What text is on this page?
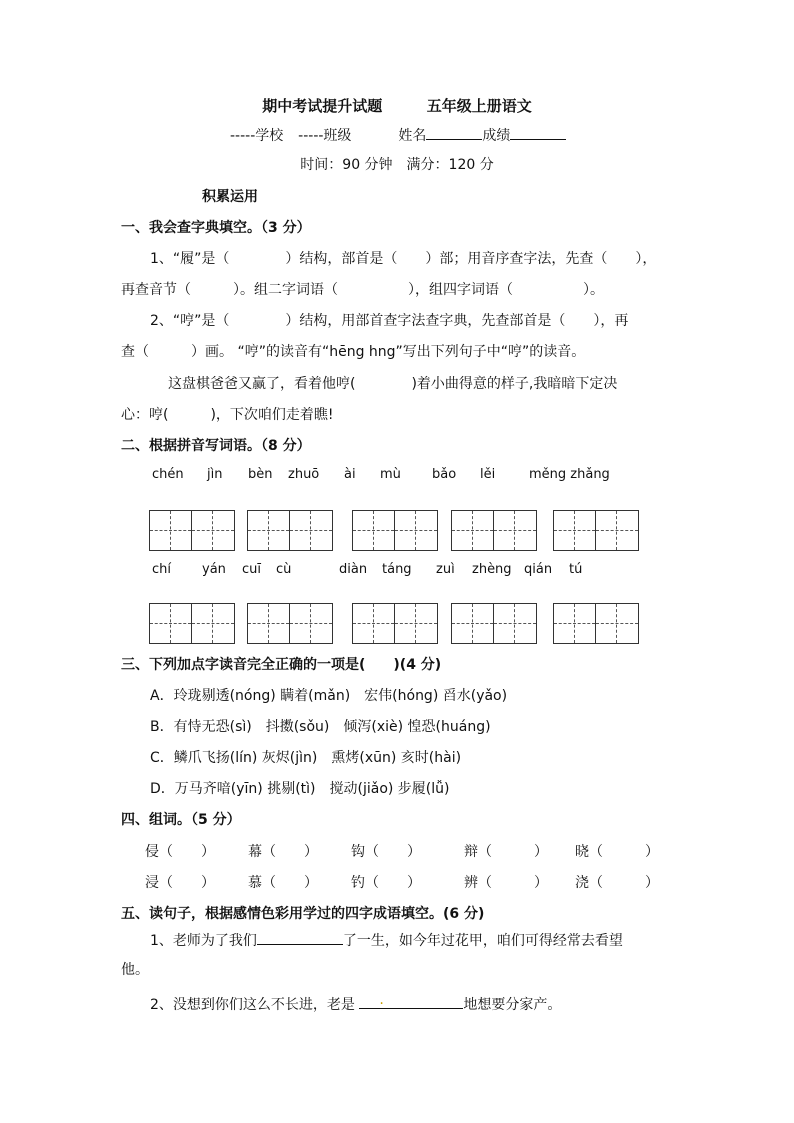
期中考试提升试题	五年级上册语文
-----学校 -----班级	姓名	成绩
时间：90 分钟　满分：120 分
积累运用
一、我会查字典填空。（3 分）
1、“履”是（　　　　）结构，部首是（　　）部；用音序查字法，先查（　　），
再查音节（　　　）。组二字词语（　　　　　），组四字词语（　　　　　）。
2、“哼”是（　　　　）结构，用部首查字法查字典，先查部首是（　　），再
查（　　　）画。 “哼”的读音有“hēng hng”写出下列句子中“哼”的读音。
这盘棋爸爸又赢了，看着他哼(　　　　)着小曲得意的样子,我暗暗下定决
心：哼(　　　)，下次咱们走着瞧!
二、根据拼音写词语。（8 分）
chén jìn bèn zhuō ài mù bǎo lěi	měng zhǎng
chí yán cuī cù	diàn táng zuì zhèng qián tú
三、下列加点字读音完全正确的一项是(　　)(4 分)
A．玲珑剔透(nóng) 瞒着(mǎn)　宏伟(hóng) 舀水(yǎo)
B．有恃无恐(sì)　抖擞(sǒu)　倾泻(xiè) 惶恐(huáng)
C．鳞爪飞扬(lín) 灰烬(jìn)　熏烤(xūn) 亥时(hài)
D．万马齐喑(yīn) 挑剔(tì)　搅动(jiǎo) 步履(lǚ)
四、组词。（5 分）
侵（　　） 幕（　　） 钩（　　）	辩（　　　） 晓（　　　）
浸（　　） 慕（　　） 钓（　　）	辨（　　　） 浇（　　　）
五、读句子，根据感情色彩用学过的四字成语填空。(6 分)
1、老师为了我们	了一生，如今年过花甲，咱们可得经常去看望
他。
2、没想到你们这么不长进，老是 .	地想要分家产。
